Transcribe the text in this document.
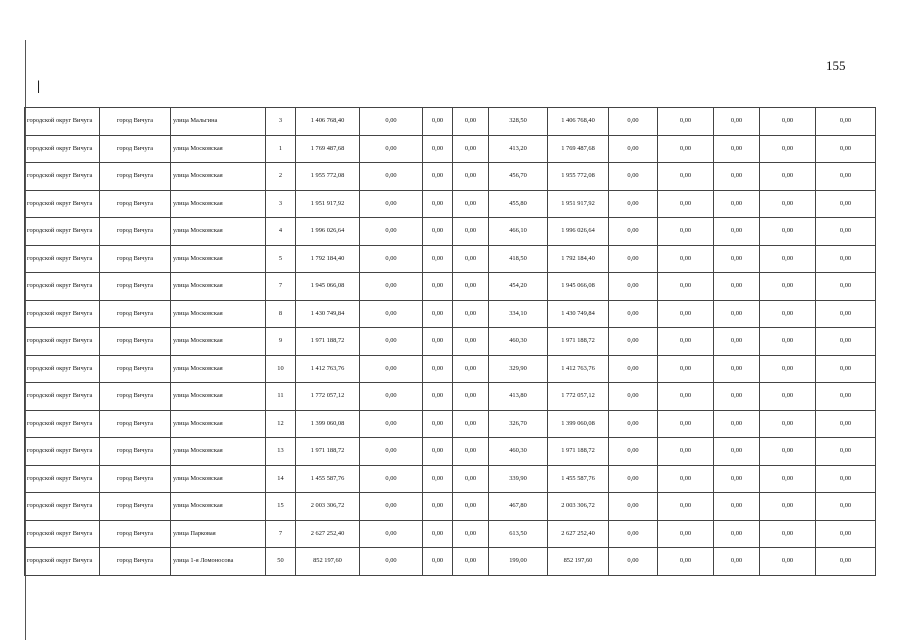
|
155
городской округ Вичуга	город Вичуга	улица Мальгина	3	1 406 768,40	0,00	0,00	0,00	328,50	1 406 768,40	0,00	0,00	0,00	0,00	0,00
городской округ Вичуга	город Вичуга	улица Московская	1	1 769 487,68	0,00	0,00	0,00	413,20	1 769 487,68	0,00	0,00	0,00	0,00	0,00
городской округ Вичуга	город Вичуга	улица Московская	2	1 955 772,08	0,00	0,00	0,00	456,70	1 955 772,08	0,00	0,00	0,00	0,00	0,00
городской округ Вичуга	город Вичуга	улица Московская	3	1 951 917,92	0,00	0,00	0,00	455,80	1 951 917,92	0,00	0,00	0,00	0,00	0,00
городской округ Вичуга	город Вичуга	улица Московская	4	1 996 026,64	0,00	0,00	0,00	466,10	1 996 026,64	0,00	0,00	0,00	0,00	0,00
городской округ Вичуга	город Вичуга	улица Московская	5	1 792 184,40	0,00	0,00	0,00	418,50	1 792 184,40	0,00	0,00	0,00	0,00	0,00
городской округ Вичуга	город Вичуга	улица Московская	7	1 945 066,08	0,00	0,00	0,00	454,20	1 945 066,08	0,00	0,00	0,00	0,00	0,00
городской округ Вичуга	город Вичуга	улица Московская	8	1 430 749,84	0,00	0,00	0,00	334,10	1 430 749,84	0,00	0,00	0,00	0,00	0,00
городской округ Вичуга	город Вичуга	улица Московская	9	1 971 188,72	0,00	0,00	0,00	460,30	1 971 188,72	0,00	0,00	0,00	0,00	0,00
городской округ Вичуга	город Вичуга	улица Московская	10	1 412 763,76	0,00	0,00	0,00	329,90	1 412 763,76	0,00	0,00	0,00	0,00	0,00
городской округ Вичуга	город Вичуга	улица Московская	11	1 772 057,12	0,00	0,00	0,00	413,80	1 772 057,12	0,00	0,00	0,00	0,00	0,00
городской округ Вичуга	город Вичуга	улица Московская	12	1 399 060,08	0,00	0,00	0,00	326,70	1 399 060,08	0,00	0,00	0,00	0,00	0,00
городской округ Вичуга	город Вичуга	улица Московская	13	1 971 188,72	0,00	0,00	0,00	460,30	1 971 188,72	0,00	0,00	0,00	0,00	0,00
городской округ Вичуга	город Вичуга	улица Московская	14	1 455 587,76	0,00	0,00	0,00	339,90	1 455 587,76	0,00	0,00	0,00	0,00	0,00
городской округ Вичуга	город Вичуга	улица Московская	15	2 003 306,72	0,00	0,00	0,00	467,80	2 003 306,72	0,00	0,00	0,00	0,00	0,00
городской округ Вичуга	город Вичуга	улица Парковая	7	2 627 252,40	0,00	0,00	0,00	613,50	2 627 252,40	0,00	0,00	0,00	0,00	0,00
городской округ Вичуга	город Вичуга	улица 1-я Ломоносова	50	852 197,60	0,00	0,00	0,00	199,00	852 197,60	0,00	0,00	0,00	0,00	0,00
